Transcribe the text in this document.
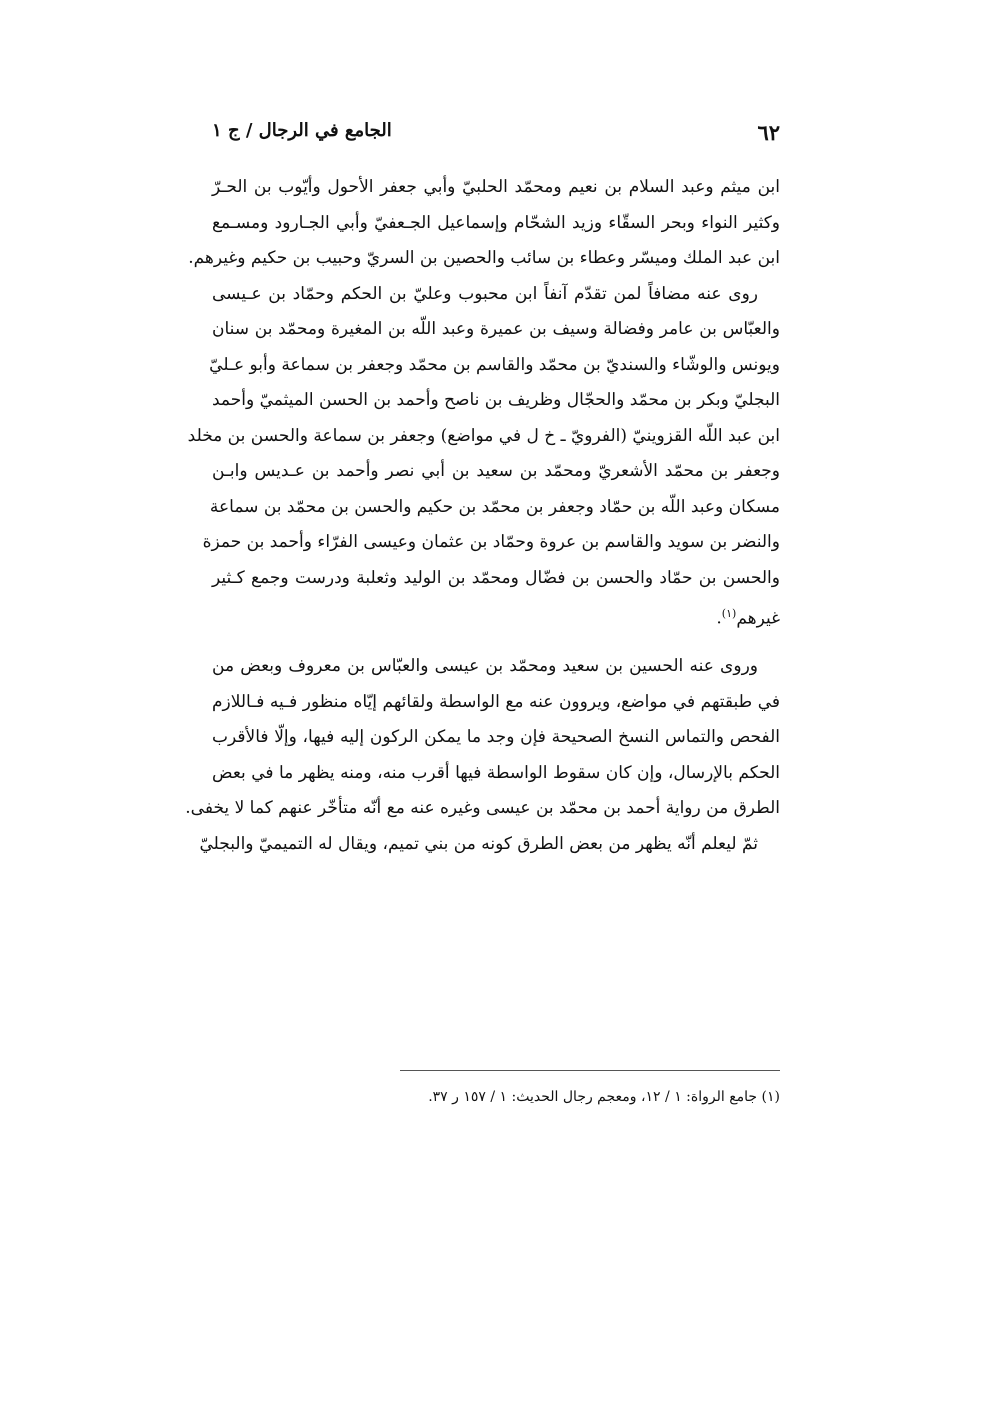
٦٢
الجامع في الرجال / ج ١

ابن ميثم وعبد السلام بن نعيم ومحمّد الحلبيّ وأبي جعفر الأحول وأيّوب بن الحـرّ
وكثير النواء وبحر السقّاء وزيد الشحّام وإسماعيل الجـعفيّ وأبي الجـارود ومسـمع
ابن عبد الملك وميسّر وعطاء بن سائب والحصين بن السريّ وحبيب بن حكيم وغيرهم.

روى عنه مضافاً لمن تقدّم آنفاً ابن محبوب وعليّ بن الحكم وحمّاد بن عـيسى
والعبّاس بن عامر وفضالة وسيف بن عميرة وعبد اللّه بن المغيرة ومحمّد بن سنان
ويونس والوشّاء والسنديّ بن محمّد والقاسم بن محمّد وجعفر بن سماعة وأبو عـليّ
البجليّ وبكر بن محمّد والحجّال وظريف بن ناصح وأحمد بن الحسن الميثميّ وأحمد
ابن عبد اللّه القزوينيّ (الفرويّ ـ خ ل في مواضع) وجعفر بن سماعة والحسن بن مخلد
وجعفر بن محمّد الأشعريّ ومحمّد بن سعيد بن أبي نصر وأحمد بن عـديس وابـن
مسكان وعبد اللّه بن حمّاد وجعفر بن محمّد بن حكيم والحسن بن محمّد بن سماعة
والنضر بن سويد والقاسم بن عروة وحمّاد بن عثمان وعيسى الفرّاء وأحمد بن حمزة
والحسن بن حمّاد والحسن بن فضّال ومحمّد بن الوليد وثعلبة ودرست وجمع كـثير
غيرهم$^{(١)}$.

وروى عنه الحسين بن سعيد ومحمّد بن عيسى والعبّاس بن معروف وبعض من
في طبقتهم في مواضع، ويروون عنه مع الواسطة ولقائهم إيّاه منظور فـيه فـاللازم
الفحص والتماس النسخ الصحيحة فإن وجد ما يمكن الركون إليه فيها، وإلّا فالأقرب
الحكم بالإرسال، وإن كان سقوط الواسطة فيها أقرب منه، ومنه يظهر ما في بعض
الطرق من رواية أحمد بن محمّد بن عيسى وغيره عنه مع أنّه متأخّر عنهم كما لا يخفى.
ثمّ ليعلم أنّه يظهر من بعض الطرق كونه من بني تميم، ويقال له التميميّ والبجليّ

(١) جامع الرواة: ١ / ١٢، ومعجم رجال الحديث: ١ / ١٥٧ ر ٣٧.
